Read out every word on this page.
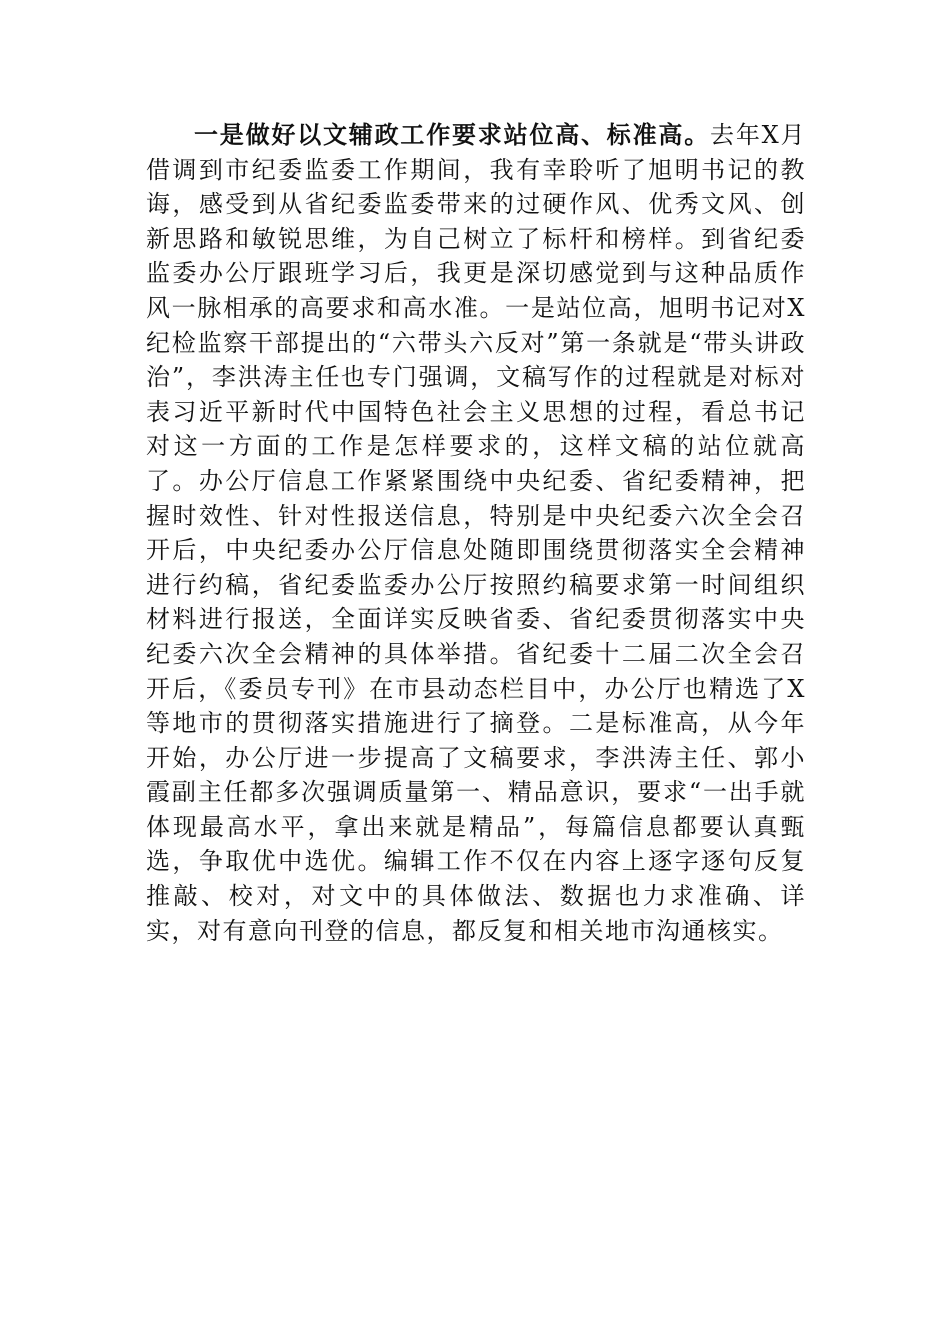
一是做好以文辅政工作要求站位高、标准高。去年X月借调到市纪委监委工作期间，我有幸聆听了旭明书记的教诲，感受到从省纪委监委带来的过硬作风、优秀文风、创新思路和敏锐思维，为自己树立了标杆和榜样。到省纪委监委办公厅跟班学习后，我更是深切感觉到与这种品质作风一脉相承的高要求和高水准。一是站位高，旭明书记对X纪检监察干部提出的“六带头六反对”第一条就是“带头讲政治”，李洪涛主任也专门强调，文稿写作的过程就是对标对表习近平新时代中国特色社会主义思想的过程，看总书记对这一方面的工作是怎样要求的，这样文稿的站位就高了。办公厅信息工作紧紧围绕中央纪委、省纪委精神，把握时效性、针对性报送信息，特别是中央纪委六次全会召开后，中央纪委办公厅信息处随即围绕贯彻落实全会精神进行约稿，省纪委监委办公厅按照约稿要求第一时间组织材料进行报送，全面详实反映省委、省纪委贯彻落实中央纪委六次全会精神的具体举措。省纪委十二届二次全会召开后，《委员专刊》在市县动态栏目中，办公厅也精选了X等地市的贯彻落实措施进行了摘登。二是标准高，从今年开始，办公厅进一步提高了文稿要求，李洪涛主任、郭小霞副主任都多次强调质量第一、精品意识，要求“一出手就体现最高水平，拿出来就是精品”，每篇信息都要认真甄选，争取优中选优。编辑工作不仅在内容上逐字逐句反复推敲、校对，对文中的具体做法、数据也力求准确、详实，对有意向刊登的信息，都反复和相关地市沟通核实。
